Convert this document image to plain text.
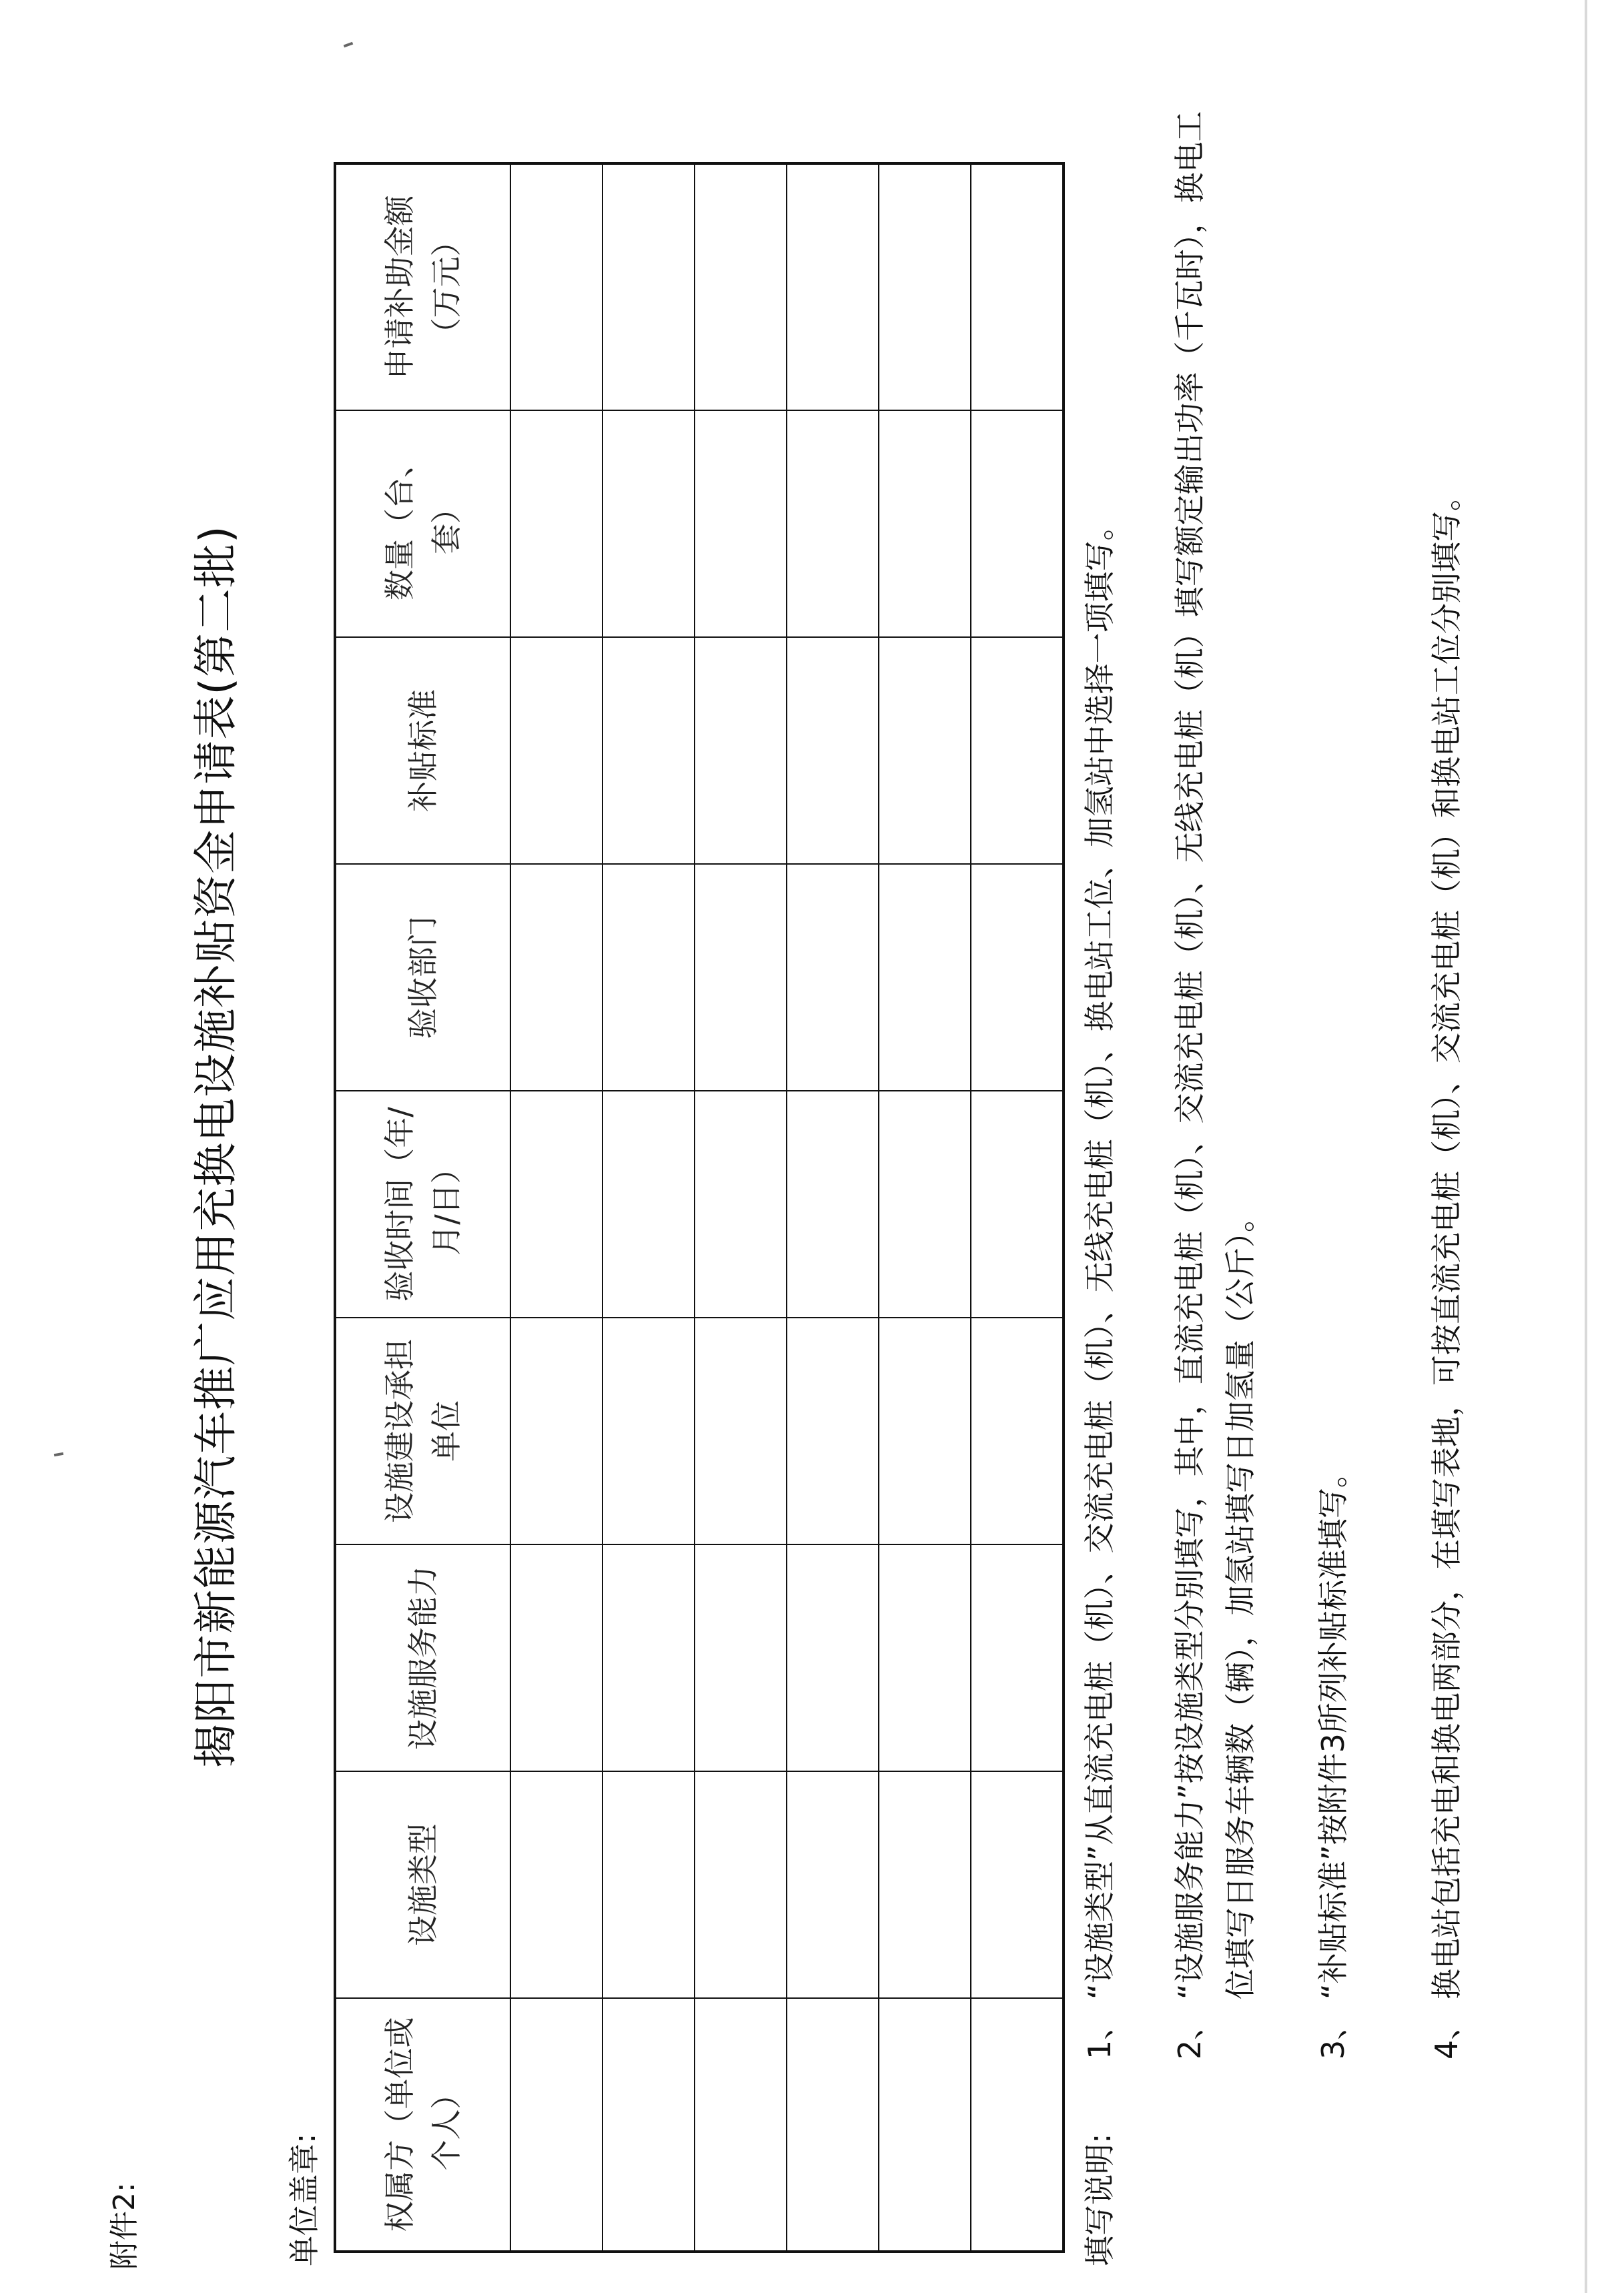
附件2:
揭阳市新能源汽车推广应用充换电设施补贴资金申请表(第二批)
单位盖章: 权属方（单位或个人）	设施类型	设施服务能力	设施建设承担单位	验收时间（年/月/日）	验收部门	补贴标准	数量（台、套）	申请补助金额（万元）

填写说明:
1、
“设施类型”从直流充电桩（机）、交流充电桩（机）、无线充电桩（机）、换电站工位、加氢站中选择一项填写。
2、
“设施服务能力”按设施类型分别填写，其中，直流充电桩（机）、交流充电桩（机）、无线充电桩（机）填写额定输出功率（千瓦时），换电工位填写日服务车辆数（辆），加氢站填写日加氢量（公斤）。
3、
“补贴标准”按附件3所列补贴标准填写。
4、
换电站包括充电和换电两部分，在填写表地，可按直流充电桩（机）、交流充电桩（机）和换电站工位分别填写。
